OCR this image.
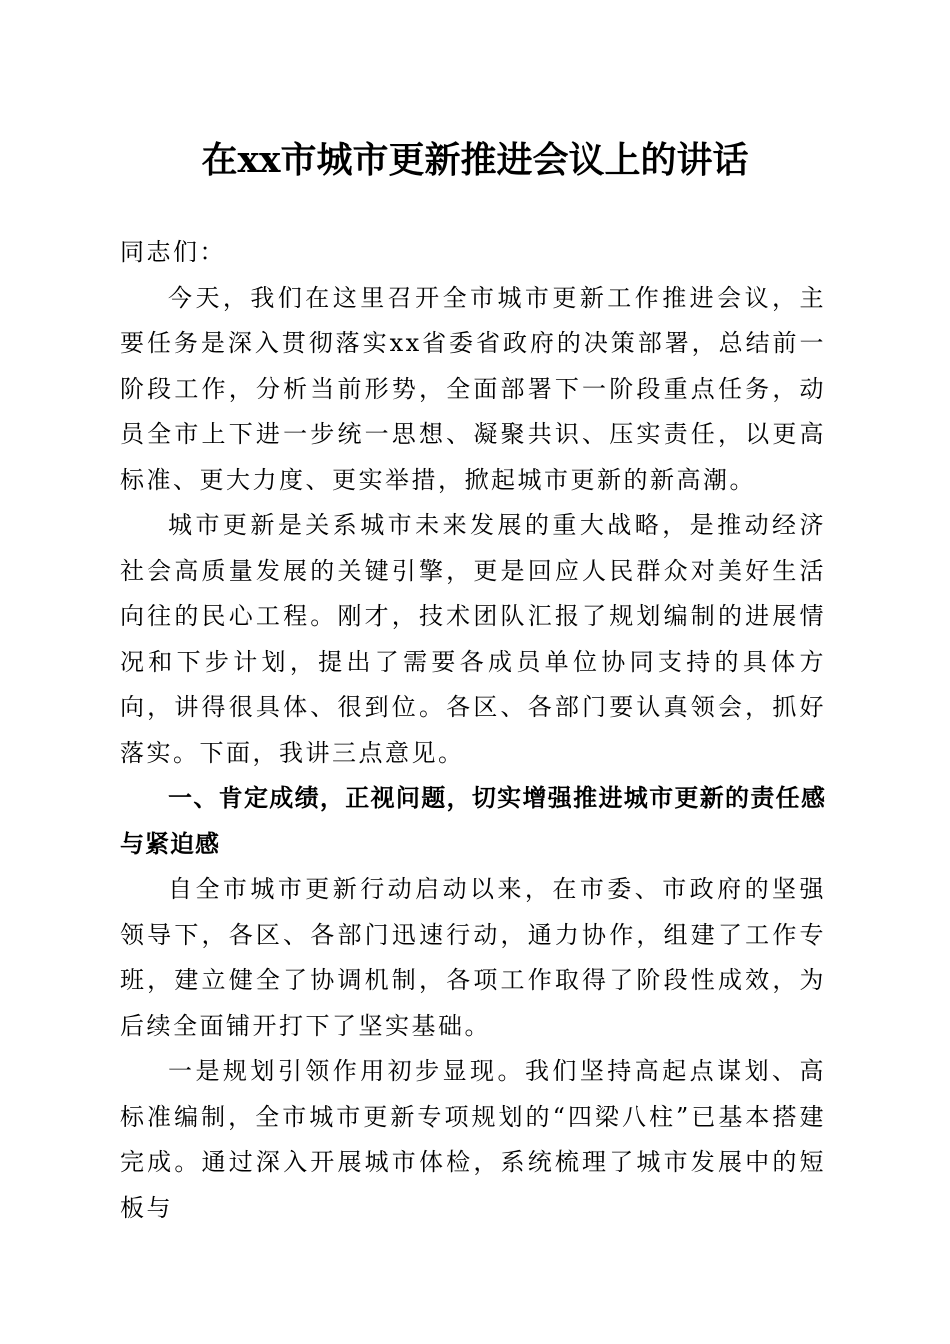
在xx市城市更新推进会议上的讲话

同志们：

今天，我们在这里召开全市城市更新工作推进会议，主要任务是深入贯彻落实xx省委省政府的决策部署，总结前一阶段工作，分析当前形势，全面部署下一阶段重点任务，动员全市上下进一步统一思想、凝聚共识、压实责任，以更高标准、更大力度、更实举措，掀起城市更新的新高潮。

城市更新是关系城市未来发展的重大战略，是推动经济社会高质量发展的关键引擎，更是回应人民群众对美好生活向往的民心工程。刚才，技术团队汇报了规划编制的进展情况和下步计划，提出了需要各成员单位协同支持的具体方向，讲得很具体、很到位。各区、各部门要认真领会，抓好落实。下面，我讲三点意见。

一、肯定成绩，正视问题，切实增强推进城市更新的责任感与紧迫感

自全市城市更新行动启动以来，在市委、市政府的坚强领导下，各区、各部门迅速行动，通力协作，组建了工作专班，建立健全了协调机制，各项工作取得了阶段性成效，为后续全面铺开打下了坚实基础。

一是规划引领作用初步显现。我们坚持高起点谋划、高标准编制，全市城市更新专项规划的“四梁八柱”已基本搭建完成。通过深入开展城市体检，系统梳理了城市发展中的短板与
